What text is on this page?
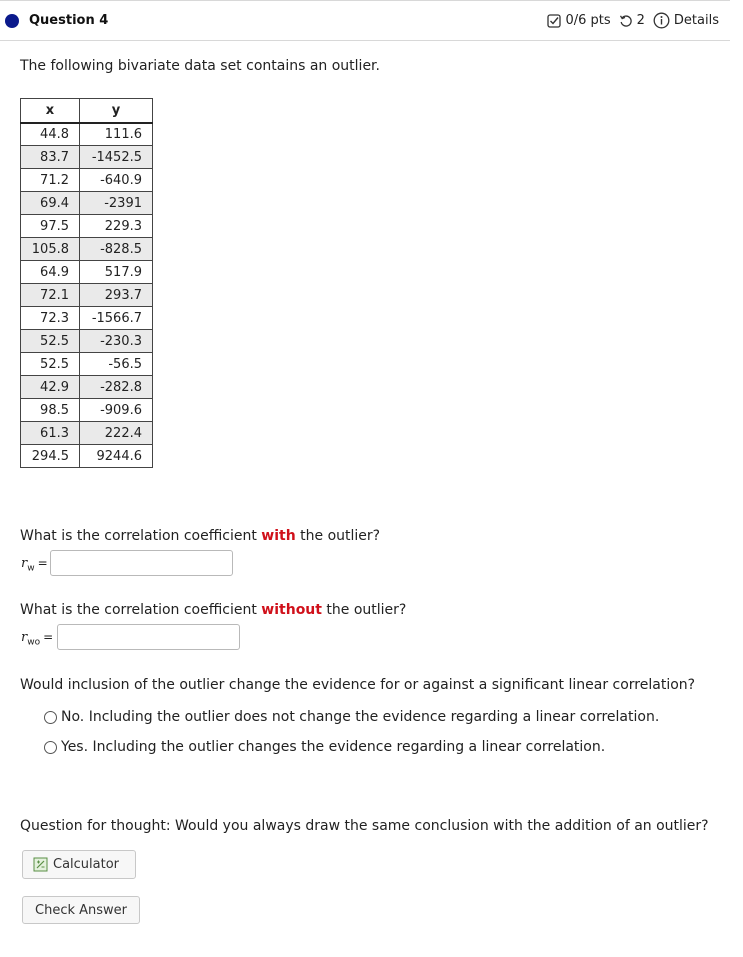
Question 4	0/6 pts 2 Details
The following bivariate data set contains an outlier.
x	y
44.8	111.6
83.7	-1452.5
71.2	-640.9
69.4	-2391
97.5	229.3
105.8	-828.5
64.9	517.9
72.1	293.7
72.3	-1566.7
52.5	-230.3
52.5	-56.5
42.9	-282.8
98.5	-909.6
61.3	222.4
294.5	9244.6
What is the correlation coefficient with the outlier?
$r_w$ =
What is the correlation coefficient without the outlier?
$r_{wo}$ =
Would inclusion of the outlier change the evidence for or against a significant linear correlation?
No. Including the outlier does not change the evidence regarding a linear correlation.
Yes. Including the outlier changes the evidence regarding a linear correlation.
Question for thought: Would you always draw the same conclusion with the addition of an outlier?
Calculator
Check Answer
